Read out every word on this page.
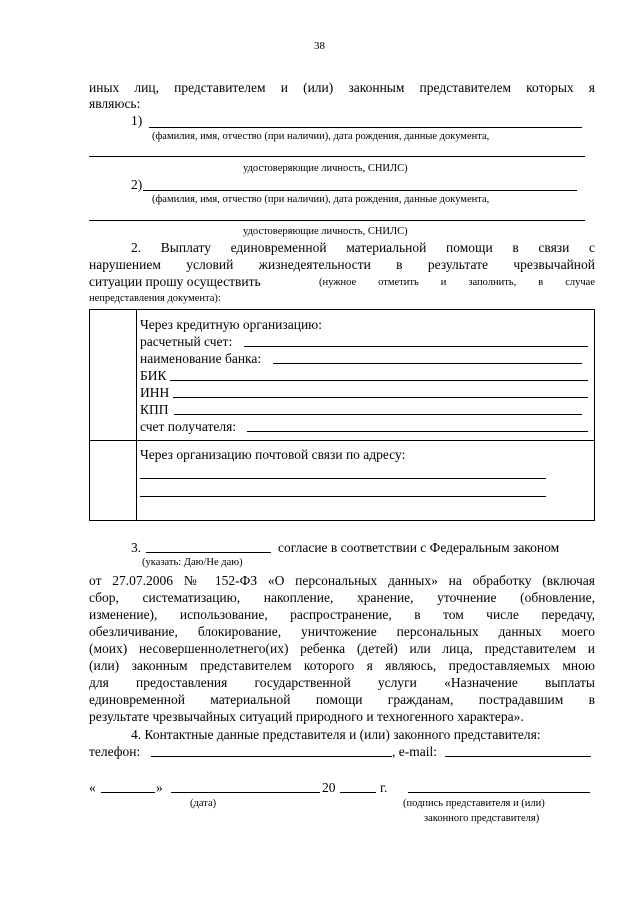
38
иных лиц, представителем и (или) законным представителем которых я
являюсь:
1)
(фамилия, имя, отчество (при наличии), дата рождения, данные документа,
удостоверяющие личность, СНИЛС)
2)
(фамилия, имя, отчество (при наличии), дата рождения, данные документа,
удостоверяющие личность, СНИЛС)
2. Выплату единовременной материальной помощи в связи с
нарушением условий жизнедеятельности в результате чрезвычайной
ситуации прошу осуществить	(нужное отметить и заполнить, в случае
непредставления документа):
Через кредитную организацию:
расчетный счет:
наименование банка:
БИК
ИНН
КПП
счет получателя:
Через организацию почтовой связи по адресу:
3.	согласие в соответствии с Федеральным законом
(указать: Даю/Не даю)
от 27.07.2006 № 152-ФЗ «О персональных данных» на обработку (включая
сбор, систематизацию, накопление, хранение, уточнение (обновление,
изменение), использование, распространение, в том числе передачу,
обезличивание, блокирование, уничтожение персональных данных моего
(моих) несовершеннолетнего(их) ребенка (детей) или лица, представителем и
(или) законным представителем которого я являюсь, предоставляемых мною
для предоставления государственной услуги «Назначение выплаты
единовременной материальной помощи гражданам, пострадавшим в
результате чрезвычайных ситуаций природного и техногенного характера».
4. Контактные данные представителя и (или) законного представителя:
телефон:	, e-mail:
«	»	20	г.
(дата)	(подпись представителя и (или)
законного представителя)
